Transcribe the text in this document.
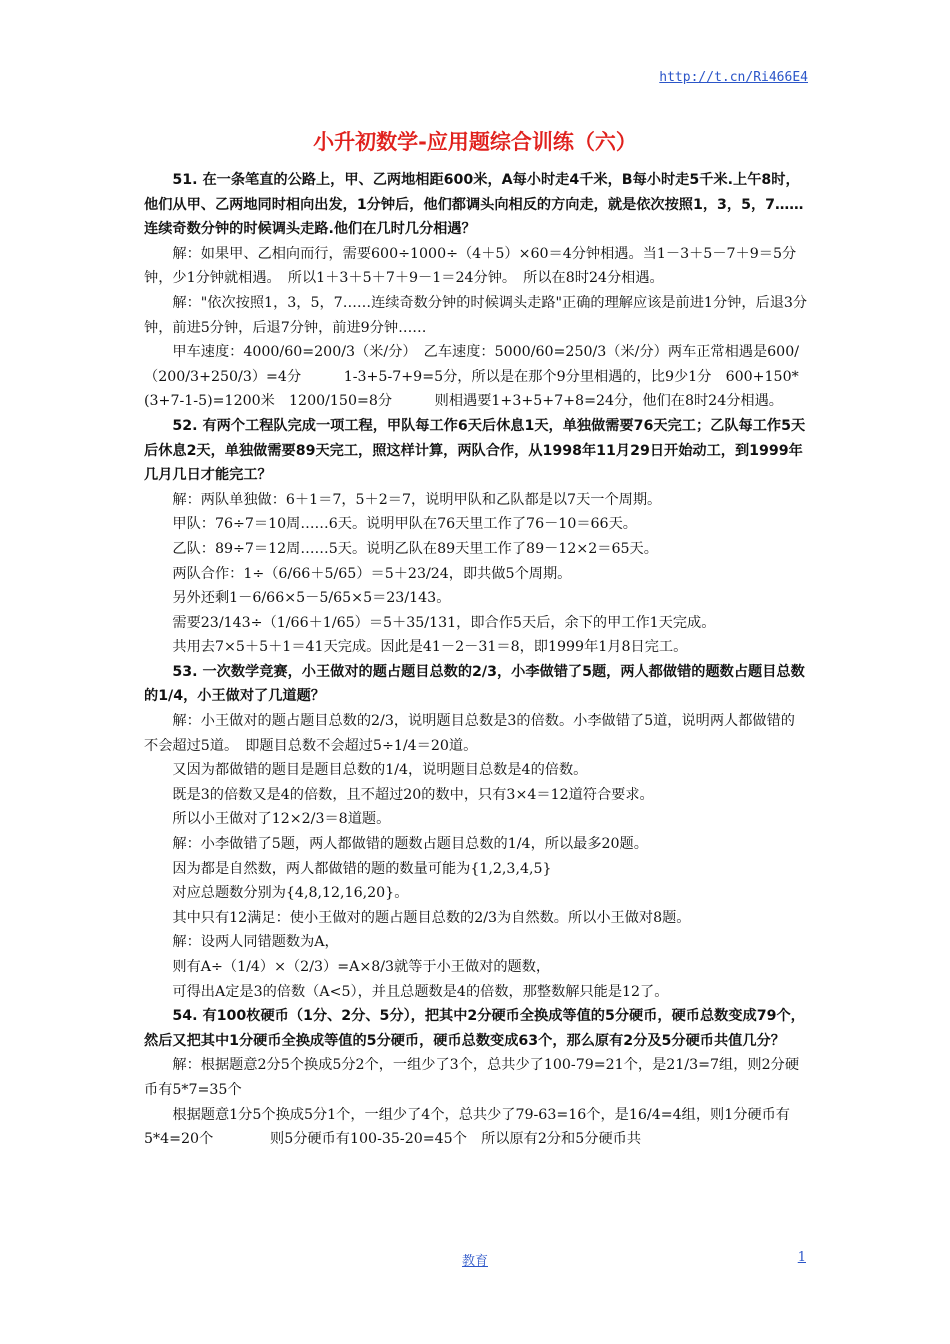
http://t.cn/Ri466E4
小升初数学-应用题综合训练（六）

51. 在一条笔直的公路上，甲、乙两地相距600米，A每小时走4千米，B每小时走5千米.上午8时，他们从甲、乙两地同时相向出发，1分钟后，他们都调头向相反的方向走，就是依次按照1，3，5，7……连续奇数分钟的时候调头走路.他们在几时几分相遇？

解：如果甲、乙相向而行，需要600÷1000÷（4＋5）×60＝4分钟相遇。当1－3＋5－7＋9＝5分钟，少1分钟就相遇。　所以1＋3＋5＋7＋9－1＝24分钟。　所以在8时24分相遇。

解："依次按照1，3，5，7……连续奇数分钟的时候调头走路"正确的理解应该是前进1分钟，后退3分钟，前进5分钟，后退7分钟，前进9分钟……

甲车速度：4000/60=200/3（米/分）　乙车速度：5000/60=250/3（米/分）两车正常相遇是600/（200/3+250/3）=4分　　　1-3+5-7+9=5分，所以是在那个9分里相遇的，比9少1分　600+150*(3+7-1-5)=1200米　1200/150=8分　　　则相遇要1+3+5+7+8=24分，他们在8时24分相遇。

52. 有两个工程队完成一项工程，甲队每工作6天后休息1天，单独做需要76天完工；乙队每工作5天后休息2天，单独做需要89天完工，照这样计算，两队合作，从1998年11月29日开始动工，到1999年几月几日才能完工？

解：两队单独做：6＋1＝7，5＋2＝7，说明甲队和乙队都是以7天一个周期。

甲队：76÷7＝10周……6天。说明甲队在76天里工作了76－10＝66天。

乙队：89÷7＝12周……5天。说明乙队在89天里工作了89－12×2＝65天。

两队合作：1÷（6/66＋5/65）＝5＋23/24，即共做5个周期。

另外还剩1－6/66×5－5/65×5＝23/143。

需要23/143÷（1/66＋1/65）＝5＋35/131，即合作5天后，余下的甲工作1天完成。

共用去7×5＋5＋1＝41天完成。因此是41－2－31＝8，即1999年1月8日完工。

53. 一次数学竞赛，小王做对的题占题目总数的2/3，小李做错了5题，两人都做错的题数占题目总数的1/4，小王做对了几道题？

解：小王做对的题占题目总数的2/3，说明题目总数是3的倍数。小李做错了5道，说明两人都做错的不会超过5道。　即题目总数不会超过5÷1/4＝20道。

又因为都做错的题目是题目总数的1/4，说明题目总数是4的倍数。

既是3的倍数又是4的倍数，且不超过20的数中，只有3×4＝12道符合要求。

所以小王做对了12×2/3＝8道题。

解：小李做错了5题，两人都做错的题数占题目总数的1/4，所以最多20题。

因为都是自然数，两人都做错的题的数量可能为{1,2,3,4,5}

对应总题数分别为{4,8,12,16,20}。

其中只有12满足：使小王做对的题占题目总数的2/3为自然数。所以小王做对8题。

解：设两人同错题数为A，

则有A÷（1/4）×（2/3）=A×8/3就等于小王做对的题数，

可得出A定是3的倍数（A<5），并且总题数是4的倍数，那整数解只能是12了。

54. 有100枚硬币（1分、2分、5分），把其中2分硬币全换成等值的5分硬币，硬币总数变成79个，然后又把其中1分硬币全换成等值的5分硬币，硬币总数变成63个，那么原有2分及5分硬币共值几分？

解：根据题意2分5个换成5分2个，一组少了3个，总共少了100-79=21个，是21/3=7组，则2分硬币有5*7=35个

根据题意1分5个换成5分1个，一组少了4个，总共少了79-63=16个，是16/4=4组，则1分硬币有5*4=20个　　　　则5分硬币有100-35-20=45个　所以原有2分和5分硬币共

教育	1
